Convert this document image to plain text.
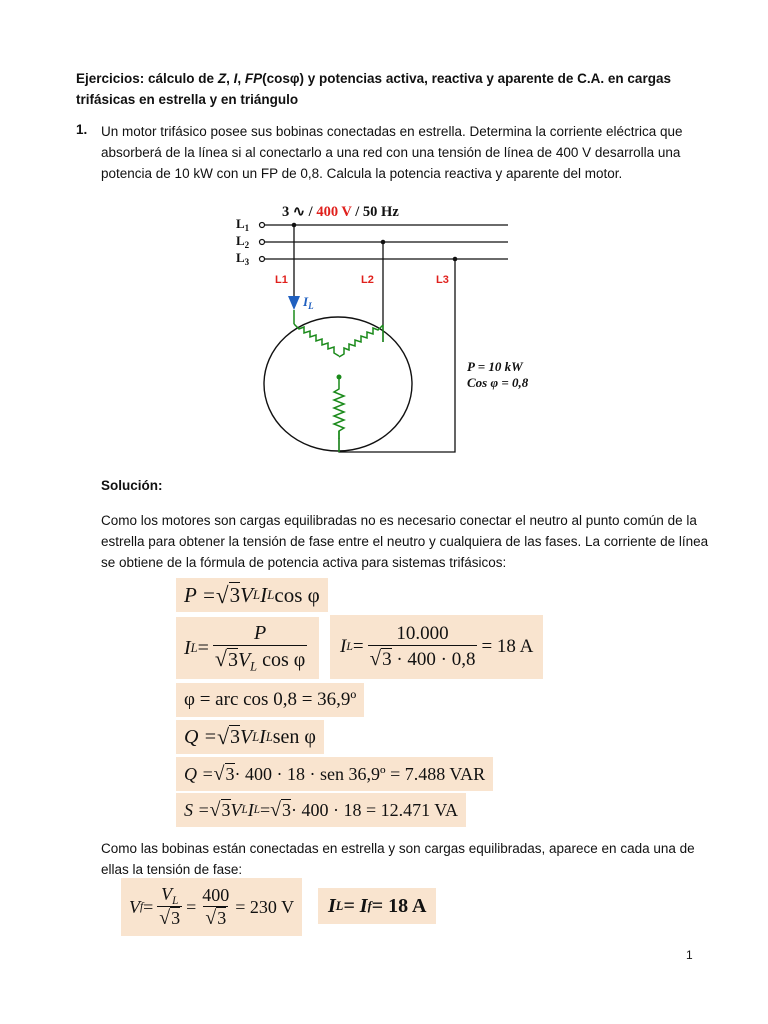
Ejercicios: cálculo de Z, I, FP(cosφ) y potencias activa, reactiva y aparente de C.A. en cargas trifásicas en estrella y en triángulo
1. Un motor trifásico posee sus bobinas conectadas en estrella. Determina la corriente eléctrica que absorberá de la línea si al conectarlo a una red con una tensión de línea de 400 V desarrolla una potencia de 10 kW con un FP de 0,8. Calcula la potencia reactiva y aparente del motor.
3 ∿ / 400 V / 50 Hz
$L_1$
$L_2$
$L_3$
L1	L2	L3
$I_L$
P = 10 kW
Cos φ = 0,8
Solución:
Como los motores son cargas equilibradas no es necesario conectar el neutro al punto común de la estrella para obtener la tensión de fase entre el neutro y cualquiera de las fases. La corriente de línea se obtiene de la fórmula de potencia activa para sistemas trifásicos:
P = √ 3 V L I L cos φ
I $L = \frac{P}{√3V_L \cos \varphi}$ I $L = \frac{10.000}{√3 \cdot 400 \cdot 0,8} = 18$ A
φ = arc cos 0,8 = 36,9º
Q = √ 3 V L I L sen φ
Q = √ 3 · 400 · 18 · sen 36,9º = 7.488 VAR
S = √ 3 V L I L = √ 3 · 400 · 18 = 12.471 VA
Como las bobinas están conectadas en estrella y son cargas equilibradas, aparece en cada una de ellas la tensión de fase:
V $f = \frac{V_L}{√3} = \frac{400}{√3} = 230$ V I L = I f = 18 A
1
